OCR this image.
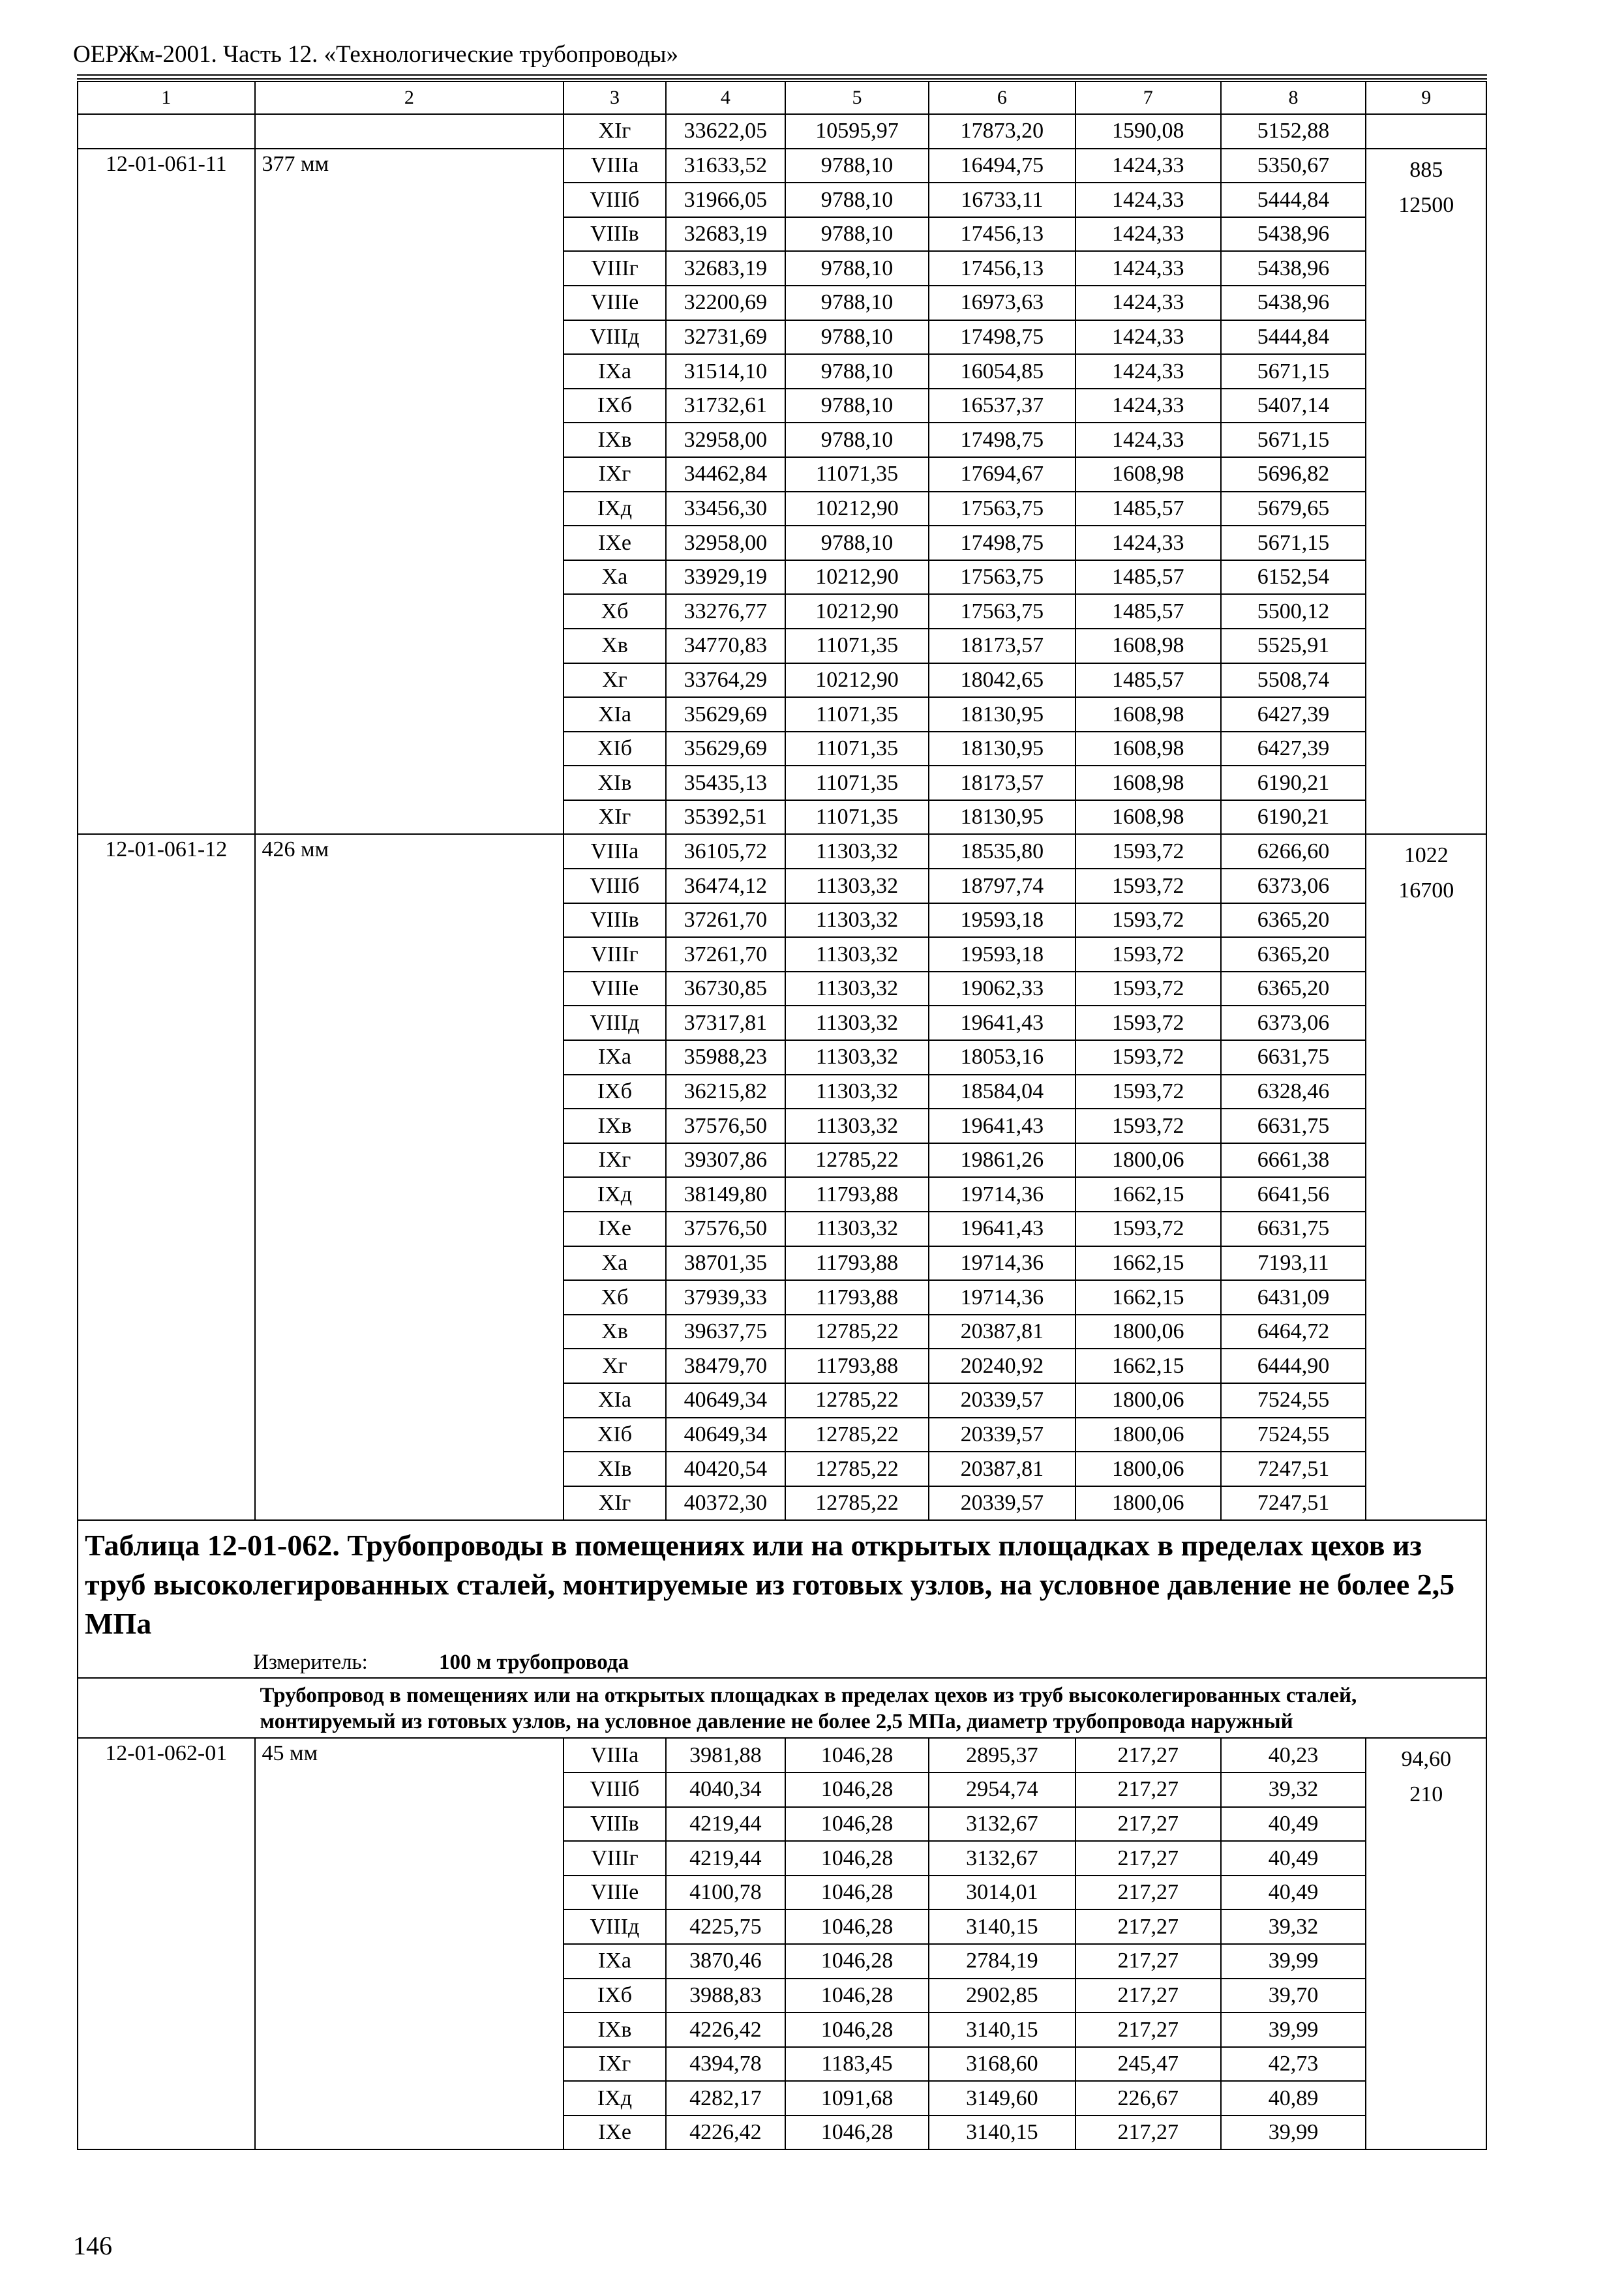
ОЕРЖм-2001. Часть 12. «Технологические трубопроводы»
1	2	3	4	5	6	7	8	9
		XIг	33622,05	10595,97	17873,20	1590,08	5152,88	
12-01-061-11	377 мм	VIIIа	31633,52	9788,10	16494,75	1424,33	5350,67	885
12500

		VIIIб	31966,05	9788,10	16733,11	1424,33	5444,84	
		VIIIв	32683,19	9788,10	17456,13	1424,33	5438,96	
		VIIIг	32683,19	9788,10	17456,13	1424,33	5438,96	
		VIIIе	32200,69	9788,10	16973,63	1424,33	5438,96	
		VIIIд	32731,69	9788,10	17498,75	1424,33	5444,84	
		IXа	31514,10	9788,10	16054,85	1424,33	5671,15	
		IXб	31732,61	9788,10	16537,37	1424,33	5407,14	
		IXв	32958,00	9788,10	17498,75	1424,33	5671,15	
		IXг	34462,84	11071,35	17694,67	1608,98	5696,82	
		IXд	33456,30	10212,90	17563,75	1485,57	5679,65	
		IXе	32958,00	9788,10	17498,75	1424,33	5671,15	
		Xа	33929,19	10212,90	17563,75	1485,57	6152,54	
		Xб	33276,77	10212,90	17563,75	1485,57	5500,12	
		Xв	34770,83	11071,35	18173,57	1608,98	5525,91	
		Xг	33764,29	10212,90	18042,65	1485,57	5508,74	
		XIа	35629,69	11071,35	18130,95	1608,98	6427,39	
		XIб	35629,69	11071,35	18130,95	1608,98	6427,39	
		XIв	35435,13	11071,35	18173,57	1608,98	6190,21	
		XIг	35392,51	11071,35	18130,95	1608,98	6190,21	
12-01-061-12	426 мм	VIIIа	36105,72	11303,32	18535,80	1593,72	6266,60	1022
16700

		VIIIб	36474,12	11303,32	18797,74	1593,72	6373,06	
		VIIIв	37261,70	11303,32	19593,18	1593,72	6365,20	
		VIIIг	37261,70	11303,32	19593,18	1593,72	6365,20	
		VIIIе	36730,85	11303,32	19062,33	1593,72	6365,20	
		VIIIд	37317,81	11303,32	19641,43	1593,72	6373,06	
		IXа	35988,23	11303,32	18053,16	1593,72	6631,75	
		IXб	36215,82	11303,32	18584,04	1593,72	6328,46	
		IXв	37576,50	11303,32	19641,43	1593,72	6631,75	
		IXг	39307,86	12785,22	19861,26	1800,06	6661,38	
		IXд	38149,80	11793,88	19714,36	1662,15	6641,56	
		IXе	37576,50	11303,32	19641,43	1593,72	6631,75	
		Xа	38701,35	11793,88	19714,36	1662,15	7193,11	
		Xб	37939,33	11793,88	19714,36	1662,15	6431,09	
		Xв	39637,75	12785,22	20387,81	1800,06	6464,72	
		Xг	38479,70	11793,88	20240,92	1662,15	6444,90	
		XIа	40649,34	12785,22	20339,57	1800,06	7524,55	
		XIб	40649,34	12785,22	20339,57	1800,06	7524,55	
		XIв	40420,54	12785,22	20387,81	1800,06	7247,51	
		XIг	40372,30	12785,22	20339,57	1800,06	7247,51	
Таблица 12-01-062. Трубопроводы в помещениях или на открытых площадках в пределах цехов из труб высоколегированных сталей, монтируемые из готовых узлов, на условное давление не более 2,5 МПа								
Измеритель: 100 м трубопровода								
	Трубопровод в помещениях или на открытых площадках в пределах цехов из труб высоколегированных сталей, монтируемый из готовых узлов, на условное давление не более 2,5 МПа, диаметр трубопровода наружный							
12-01-062-01	45 мм	VIIIа	3981,88	1046,28	2895,37	217,27	40,23	94,60
210

		VIIIб	4040,34	1046,28	2954,74	217,27	39,32	
		VIIIв	4219,44	1046,28	3132,67	217,27	40,49	
		VIIIг	4219,44	1046,28	3132,67	217,27	40,49	
		VIIIе	4100,78	1046,28	3014,01	217,27	40,49	
		VIIIд	4225,75	1046,28	3140,15	217,27	39,32	
		IXа	3870,46	1046,28	2784,19	217,27	39,99	
		IXб	3988,83	1046,28	2902,85	217,27	39,70	
		IXв	4226,42	1046,28	3140,15	217,27	39,99	
		IXг	4394,78	1183,45	3168,60	245,47	42,73	
		IXд	4282,17	1091,68	3149,60	226,67	40,89	
		IXе	4226,42	1046,28	3140,15	217,27	39,99	
146
